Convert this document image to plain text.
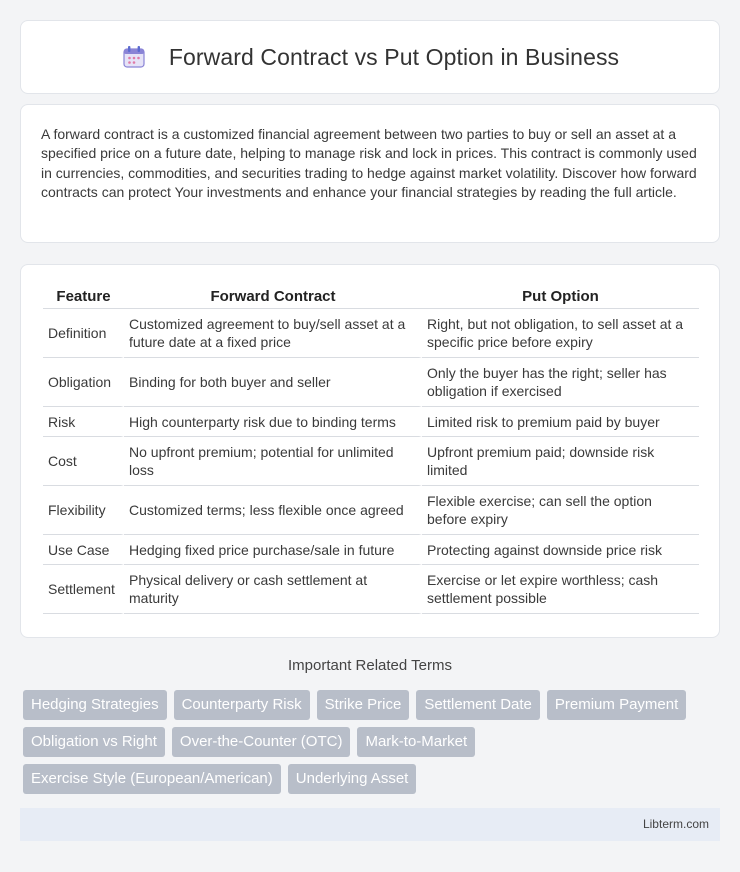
Forward Contract vs Put Option in Business

A forward contract is a customized financial agreement between two parties to buy or sell an asset at a specified price on a future date, helping to manage risk and lock in prices. This contract is commonly used in currencies, commodities, and securities trading to hedge against market volatility. Discover how forward contracts can protect Your investments and enhance your financial strategies by reading the full article.

Feature	Forward Contract	Put Option
Definition	Customized agreement to buy/sell asset at a future date at a fixed price	Right, but not obligation, to sell asset at a specific price before expiry
Obligation	Binding for both buyer and seller	Only the buyer has the right; seller has obligation if exercised
Risk	High counterparty risk due to binding terms	Limited risk to premium paid by buyer
Cost	No upfront premium; potential for unlimited loss	Upfront premium paid; downside risk limited
Flexibility	Customized terms; less flexible once agreed	Flexible exercise; can sell the option before expiry
Use Case	Hedging fixed price purchase/sale in future	Protecting against downside price risk
Settlement	Physical delivery or cash settlement at maturity	Exercise or let expire worthless; cash settlement possible
Important Related Terms
Hedging Strategies	Counterparty Risk	Strike Price	Settlement Date	Premium Payment
Obligation vs Right	Over-the-Counter (OTC)	Mark-to-Market
Exercise Style (European/American)	Underlying Asset
Libterm.com
